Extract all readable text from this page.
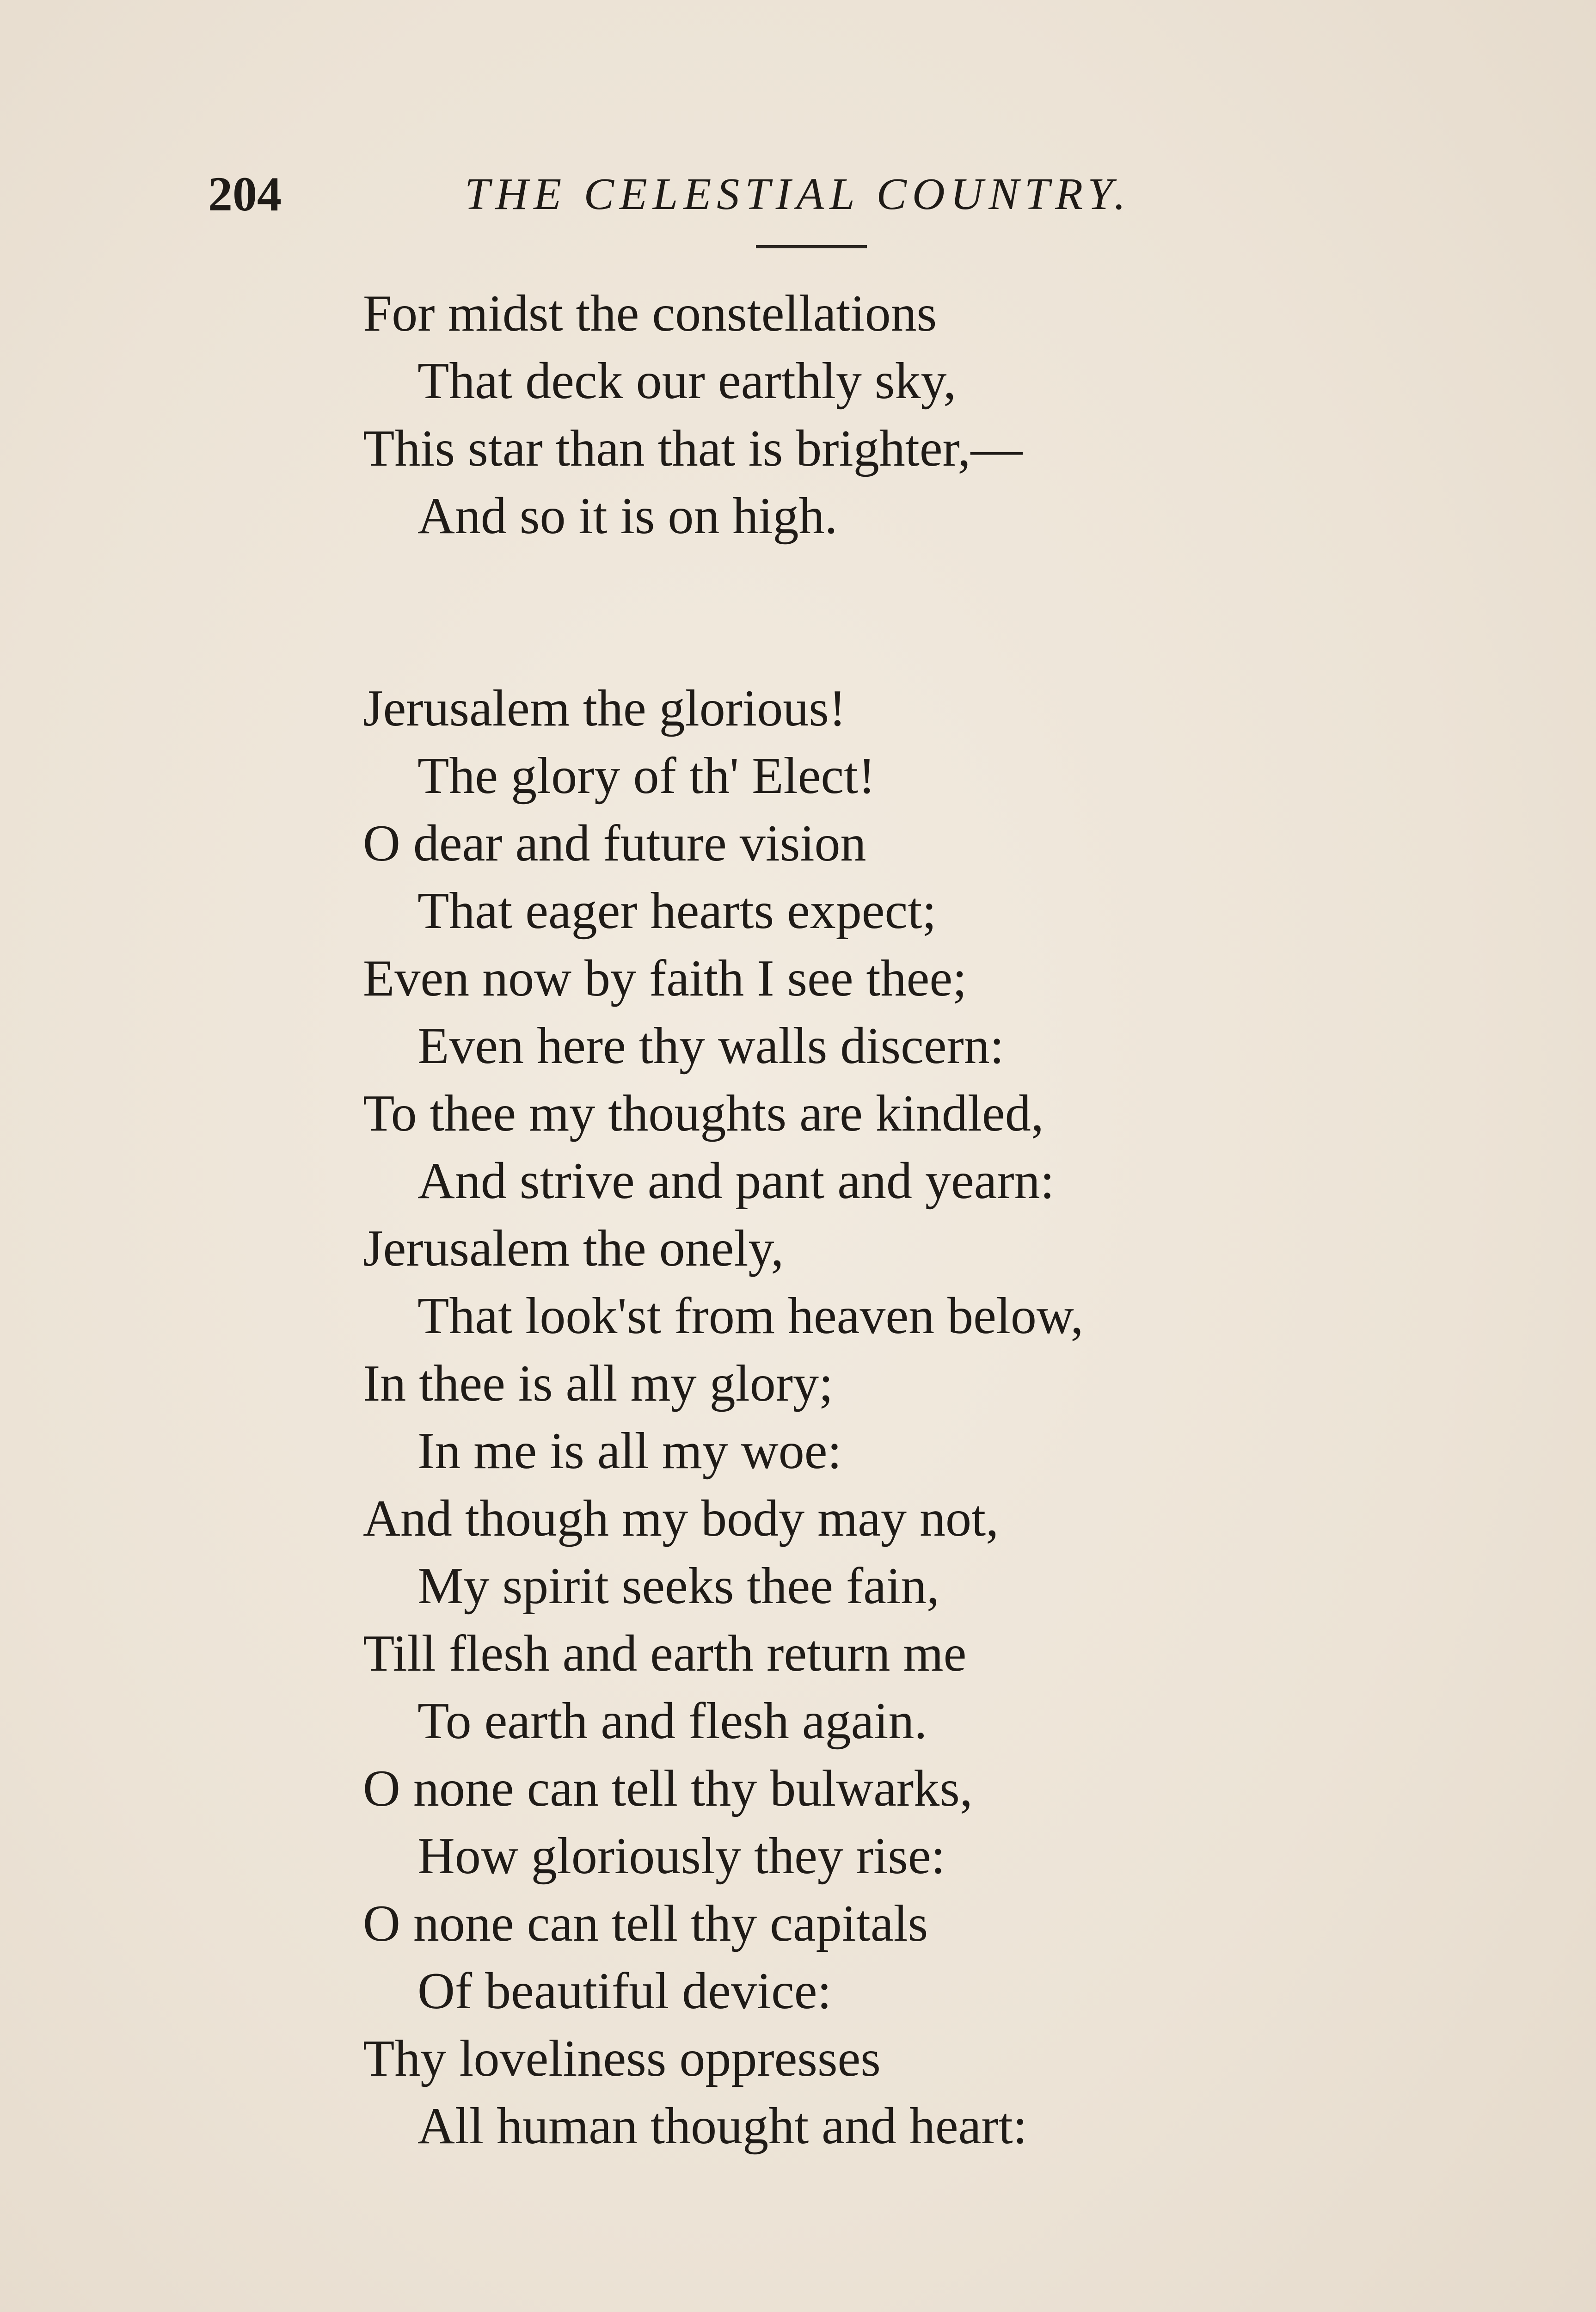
204	THE CELESTIAL COUNTRY.
For midst the constellations
That deck our earthly sky,
This star than that is brighter,—
And so it is on high.
Jerusalem the glorious!
The glory of th' Elect!
O dear and future vision
That eager hearts expect;
Even now by faith I see thee;
Even here thy walls discern:
To thee my thoughts are kindled,
And strive and pant and yearn:
Jerusalem the onely,
That look'st from heaven below,
In thee is all my glory;
In me is all my woe:
And though my body may not,
My spirit seeks thee fain,
Till flesh and earth return me
To earth and flesh again.
O none can tell thy bulwarks,
How gloriously they rise:
O none can tell thy capitals
Of beautiful device:
Thy loveliness oppresses
All human thought and heart:
